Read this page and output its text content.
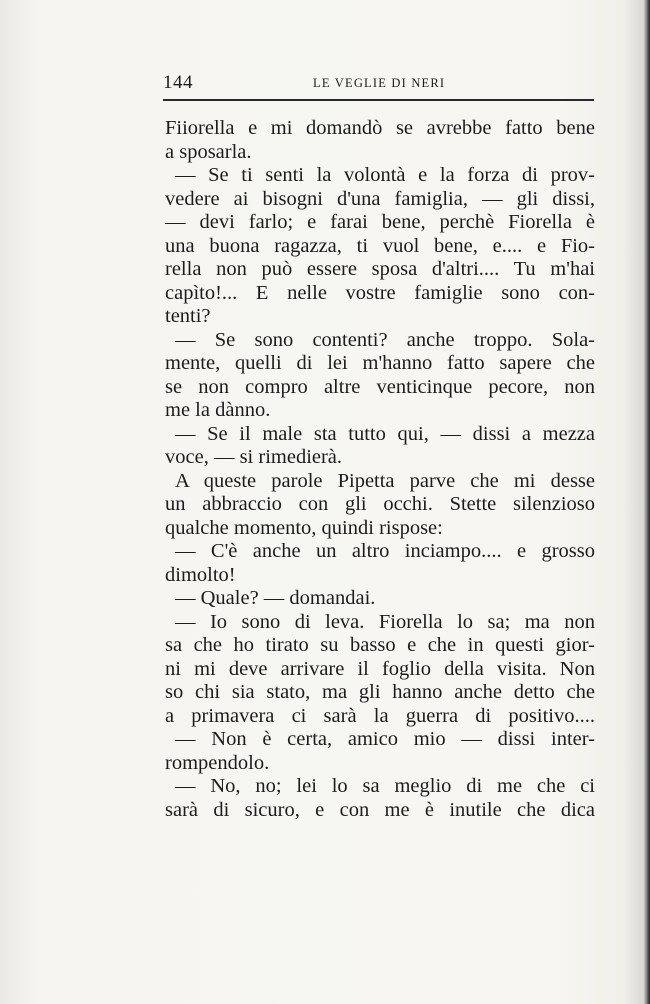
144	LE VEGLIE DI NERI
Fiiorella e mi domandò se avrebbe fatto bene
a sposarla.
— Se ti senti la volontà e la forza di prov-
vedere ai bisogni d'una famiglia, — gli dissi,
— devi farlo; e farai bene, perchè Fiorella è
una buona ragazza, ti vuol bene, e.... e Fio-
rella non può essere sposa d'altri.... Tu m'hai
capìto!... E nelle vostre famiglie sono con-
tenti?
— Se sono contenti? anche troppo. Sola-
mente, quelli di lei m'hanno fatto sapere che
se non compro altre venticinque pecore, non
me la dànno.
— Se il male sta tutto qui, — dissi a mezza
voce, — si rimedierà.
A queste parole Pipetta parve che mi desse
un abbraccio con gli occhi. Stette silenzioso
qualche momento, quindi rispose:
— C'è anche un altro inciampo.... e grosso
dimolto!
— Quale? — domandai.
— Io sono di leva. Fiorella lo sa; ma non
sa che ho tirato su basso e che in questi gior-
ni mi deve arrivare il foglio della visita. Non
so chi sia stato, ma gli hanno anche detto che
a primavera ci sarà la guerra di positivo....
— Non è certa, amico mio — dissi inter-
rompendolo.
— No, no; lei lo sa meglio di me che ci
sarà di sicuro, e con me è inutile che dica
